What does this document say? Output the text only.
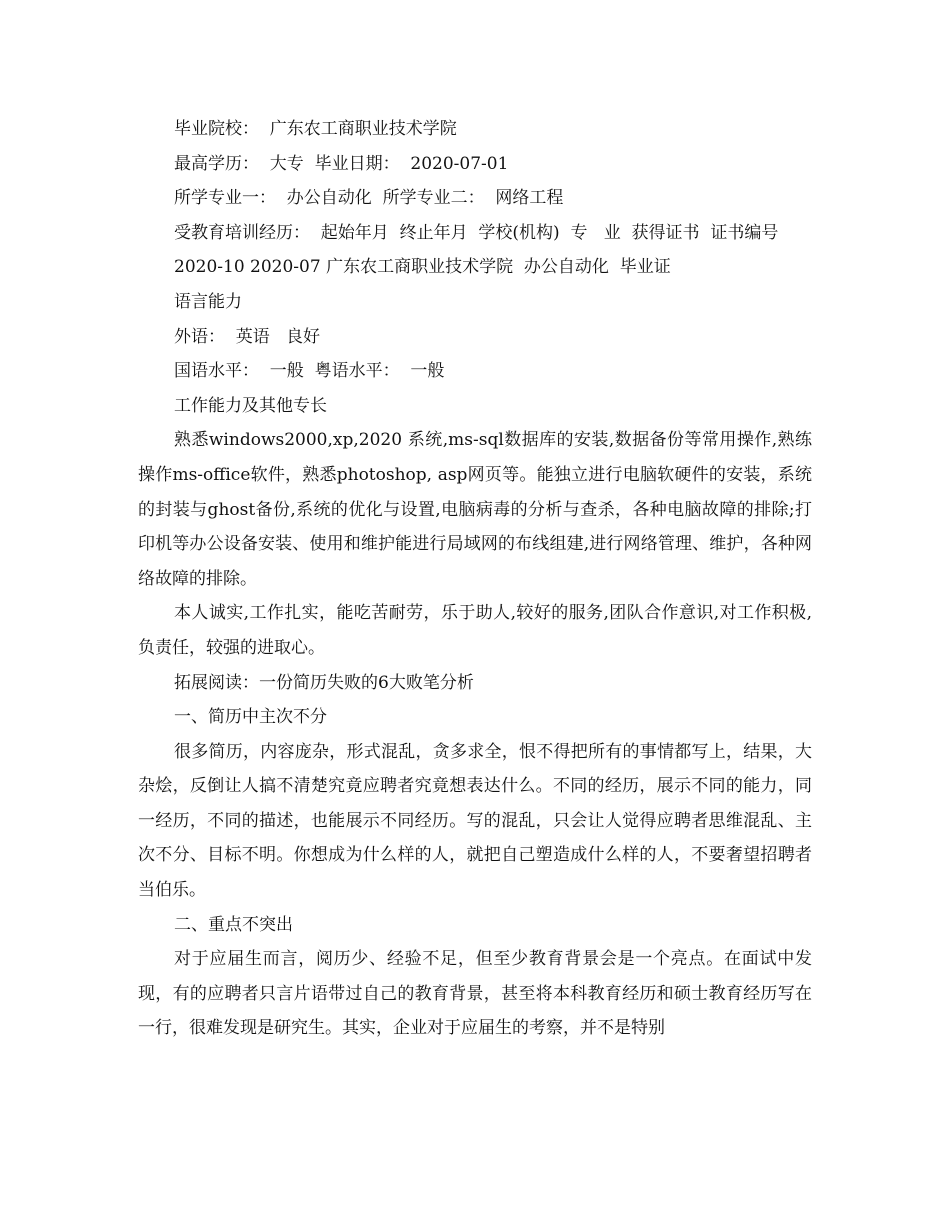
毕业院校：  广东农工商职业技术学院

最高学历：  大专  毕业日期：  2020-07-01

所学专业一：  办公自动化  所学专业二：  网络工程

受教育培训经历：  起始年月  终止年月  学校(机构)  专   业  获得证书  证书编号

2020-10 2020-07 广东农工商职业技术学院  办公自动化  毕业证

语言能力

外语：  英语   良好

国语水平：  一般  粤语水平：  一般

工作能力及其他专长

熟悉windows2000,xp,2020 系统,ms-sql数据库的安装,数据备份等常用操作,熟练操作ms-office软件，熟悉photoshop, asp网页等。能独立进行电脑软硬件的安装，系统的封装与ghost备份,系统的优化与设置,电脑病毒的分析与查杀，各种电脑故障的排除;打印机等办公设备安装、使用和维护能进行局域网的布线组建,进行网络管理、维护，各种网络故障的排除。

本人诚实,工作扎实，能吃苦耐劳，乐于助人,较好的服务,团队合作意识,对工作积极,负责任，较强的进取心。

拓展阅读：一份简历失败的6大败笔分析

一、简历中主次不分

很多简历，内容庞杂，形式混乱，贪多求全，恨不得把所有的事情都写上，结果，大杂烩，反倒让人搞不清楚究竟应聘者究竟想表达什么。不同的经历，展示不同的能力，同一经历，不同的描述，也能展示不同经历。写的混乱，只会让人觉得应聘者思维混乱、主次不分、目标不明。你想成为什么样的人，就把自己塑造成什么样的人，不要奢望招聘者当伯乐。

二、重点不突出

对于应届生而言，阅历少、经验不足，但至少教育背景会是一个亮点。在面试中发现，有的应聘者只言片语带过自己的教育背景，甚至将本科教育经历和硕士教育经历写在一行，很难发现是研究生。其实，企业对于应届生的考察，并不是特别
